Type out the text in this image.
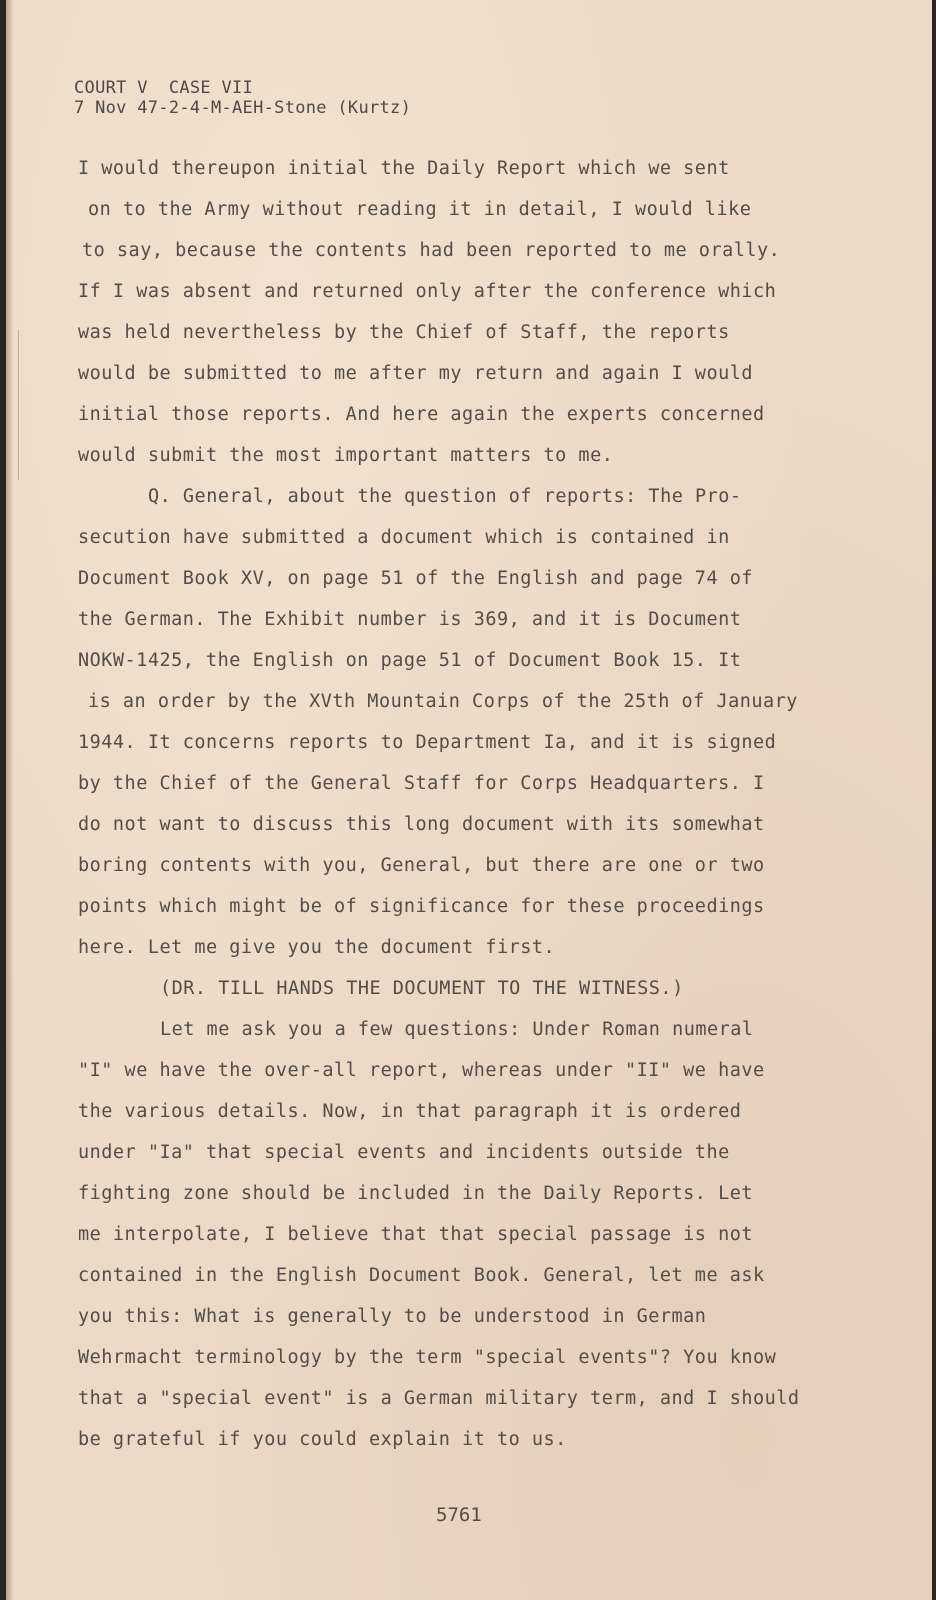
COURT V  CASE VII
7 Nov 47-2-4-M-AEH-Stone (Kurtz)
I would thereupon initial the Daily Report which we sent
on to the Army without reading it in detail, I would like
to say, because the contents had been reported to me orally.
If I was absent and returned only after the conference which
was held nevertheless by the Chief of Staff, the reports
would be submitted to me after my return and again I would
initial those reports. And here again the experts concerned
would submit the most important matters to me.
Q. General, about the question of reports: The Pro-
secution have submitted a document which is contained in
Document Book XV, on page 51 of the English and page 74 of
the German. The Exhibit number is 369, and it is Document
NOKW-1425, the English on page 51 of Document Book 15. It
is an order by the XVth Mountain Corps of the 25th of January
1944. It concerns reports to Department Ia, and it is signed
by the Chief of the General Staff for Corps Headquarters. I
do not want to discuss this long document with its somewhat
boring contents with you, General, but there are one or two
points which might be of significance for these proceedings
here. Let me give you the document first.
(DR. TILL HANDS THE DOCUMENT TO THE WITNESS.)
Let me ask you a few questions: Under Roman numeral
"I" we have the over-all report, whereas under "II" we have
the various details. Now, in that paragraph it is ordered
under "Ia" that special events and incidents outside the
fighting zone should be included in the Daily Reports. Let
me interpolate, I believe that that special passage is not
contained in the English Document Book. General, let me ask
you this: What is generally to be understood in German
Wehrmacht terminology by the term "special events"? You know
that a "special event" is a German military term, and I should
be grateful if you could explain it to us.
5761
